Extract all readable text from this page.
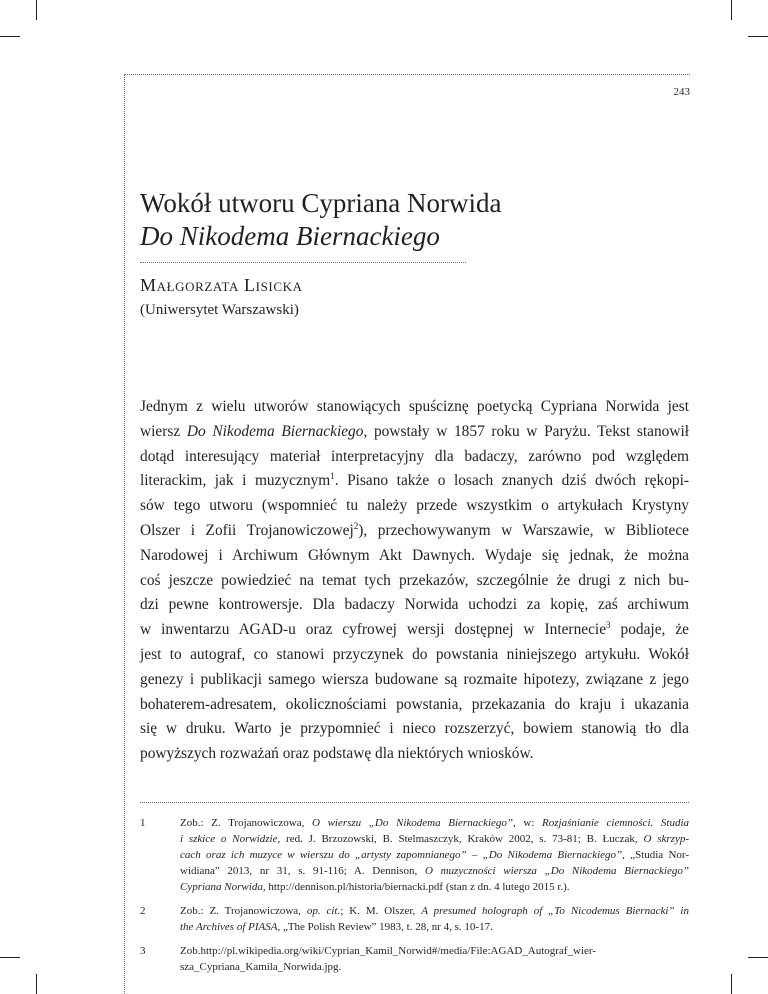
243
Wokół utworu Cypriana Norwida

Do Nikodema Biernackiego
Małgorzata Lisicka
(Uniwersytet Warszawski)
Jednym z wielu utworów stanowiących spuściznę poetycką Cypriana Norwida jest
wiersz Do Nikodema Biernackiego, powstały w 1857 roku w Paryżu. Tekst stanowił
dotąd interesujący materiał interpretacyjny dla badaczy, zarówno pod względem
literackim, jak i muzycznym$^1$. Pisano także o losach znanych dziś dwóch rękopi-
sów tego utworu (wspomnieć tu należy przede wszystkim o artykułach Krystyny
Olszer i Zofii Trojanowiczowej$^2$), przechowywanym w Warszawie, w Bibliotece
Narodowej i Archiwum Głównym Akt Dawnych. Wydaje się jednak, że można
coś jeszcze powiedzieć na temat tych przekazów, szczególnie że drugi z nich bu-
dzi pewne kontrowersje. Dla badaczy Norwida uchodzi za kopię, zaś archiwum
w inwentarzu AGAD-u oraz cyfrowej wersji dostępnej w Internecie$^3$ podaje, że
jest to autograf, co stanowi przyczynek do powstania niniejszego artykułu. Wokół
genezy i publikacji samego wiersza budowane są rozmaite hipotezy, związane z jego
bohaterem-adresatem, okolicznościami powstania, przekazania do kraju i ukazania
się w druku. Warto je przypomnieć i nieco rozszerzyć, bowiem stanowią tło dla
powyższych rozważań oraz podstawę dla niektórych wniosków.
1	Zob.: Z. Trojanowiczowa, O wierszu „Do Nikodema Biernackiego”, w: Rozjaśnianie ciemności. Studia
i szkice o Norwidzie, red. J. Brzozowski, B. Stelmaszczyk, Kraków 2002, s. 73-81; B. Łuczak, O skrzyp-
cach oraz ich muzyce w wierszu do „artysty zapomnianego” – „Do Nikodema Biernackiego”, „Studia Nor-
widiana” 2013, nr 31, s. 91-116; A. Dennison, O muzyczności wiersza „Do Nikodema Biernackiego”
Cypriana Norwida, http://dennison.pl/historia/biernacki.pdf (stan z dn. 4 lutego 2015 r.).
2	Zob.: Z. Trojanowiczowa, op. cit.; K. M. Olszer, A presumed holograph of „To Nicodemus Biernacki” in
the Archives of PIASA, „The Polish Review” 1983, t. 28, nr 4, s. 10-17.
3	Zob.http://pl.wikipedia.org/wiki/Cyprian_Kamil_Norwid#/media/File:AGAD_Autograf_wier-
sza_Cypriana_Kamila_Norwida.jpg.
